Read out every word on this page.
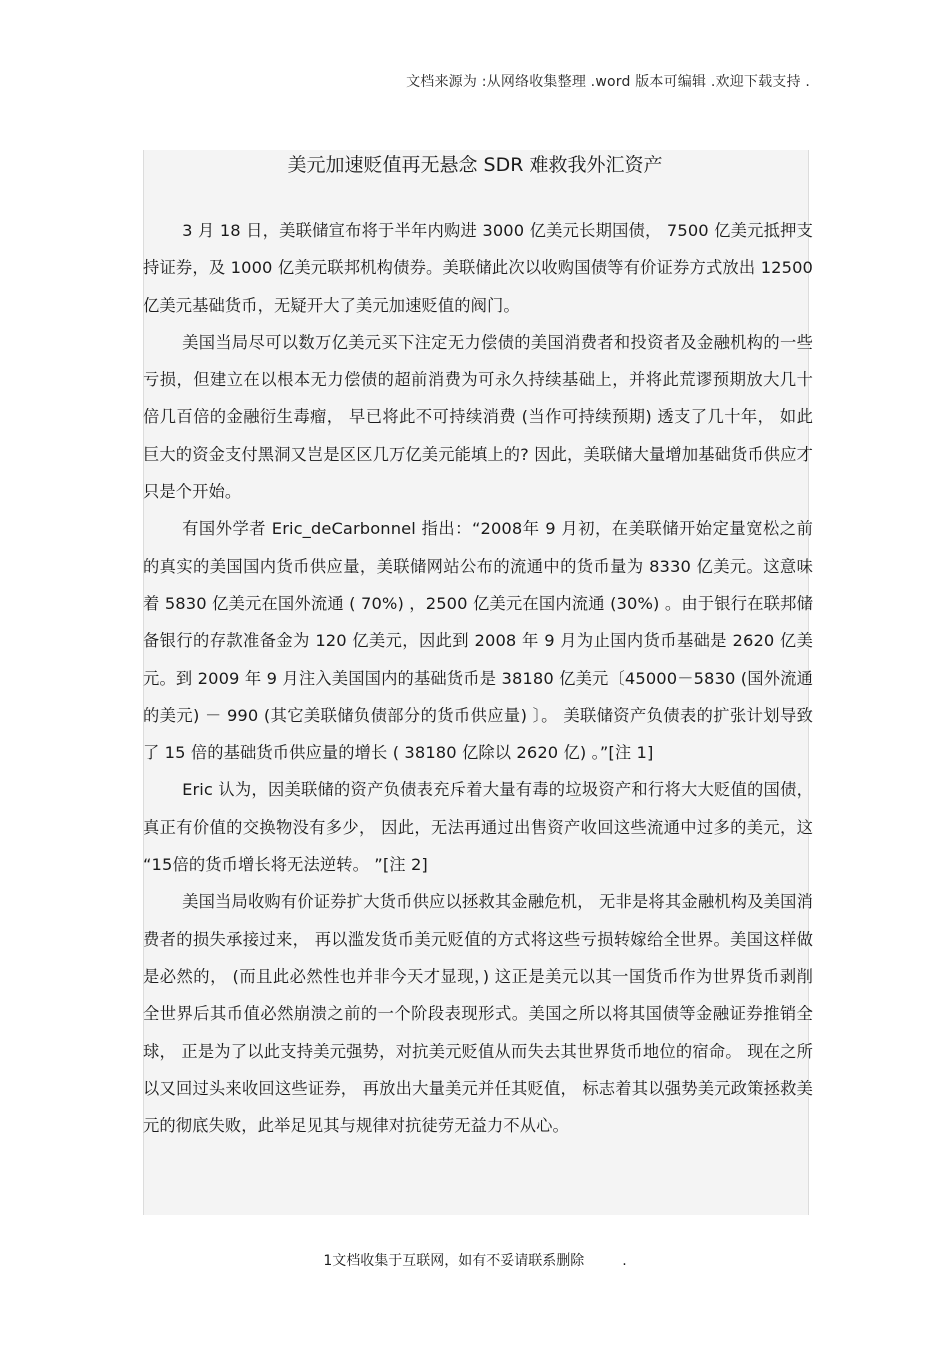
文档来源为 :从网络收集整理 .word 版本可编辑 .欢迎下载支持 .
美元加速贬值再无悬念 SDR 难救我外汇资产

3 月 18 日，美联储宣布将于半年内购进 3000 亿美元长期国债， 7500 亿美元抵押支持证券，及 1000 亿美元联邦机构债券。美联储此次以收购国债等有价证券方式放出 12500 亿美元基础货币，无疑开大了美元加速贬值的阀门。

美国当局尽可以数万亿美元买下注定无力偿债的美国消费者和投资者及金融机构的一些亏损，但建立在以根本无力偿债的超前消费为可永久持续基础上，并将此荒谬预期放大几十倍几百倍的金融衍生毒瘤， 早已将此不可持续消费 (当作可持续预期) 透支了几十年， 如此巨大的资金支付黑洞又岂是区区几万亿美元能填上的? 因此，美联储大量增加基础货币供应才只是个开始。

有国外学者 Eric_deCarbonnel 指出：“2008年 9 月初，在美联储开始定量宽松之前的真实的美国国内货币供应量，美联储网站公布的流通中的货币量为 8330 亿美元。这意味着 5830 亿美元在国外流通 ( 70%) ，2500 亿美元在国内流通 (30%) 。由于银行在联邦储备银行的存款准备金为 120 亿美元，因此到 2008 年 9 月为止国内货币基础是 2620 亿美元。到 2009 年 9 月注入美国国内的基础货币是 38180 亿美元〔45000－5830 (国外流通的美元) － 990 (其它美联储负债部分的货币供应量) 〕。 美联储资产负债表的扩张计划导致了 15 倍的基础货币供应量的增长 ( 38180 亿除以 2620 亿) 。”[注 1]

Eric 认为，因美联储的资产负债表充斥着大量有毒的垃圾资产和行将大大贬值的国债， 真正有价值的交换物没有多少， 因此，无法再通过出售资产收回这些流通中过多的美元，这 “15倍的货币增长将无法逆转。 ”[注 2]

美国当局收购有价证券扩大货币供应以拯救其金融危机， 无非是将其金融机构及美国消费者的损失承接过来， 再以滥发货币美元贬值的方式将这些亏损转嫁给全世界。美国这样做是必然的， (而且此必然性也并非今天才显现，) 这正是美元以其一国货币作为世界货币剥削全世界后其币值必然崩溃之前的一个阶段表现形式。美国之所以将其国债等金融证券推销全球， 正是为了以此支持美元强势，对抗美元贬值从而失去其世界货币地位的宿命。 现在之所以又回过头来收回这些证券， 再放出大量美元并任其贬值， 标志着其以强势美元政策拯救美元的彻底失败，此举足见其与规律对抗徒劳无益力不从心。

1文档收集于互联网，如有不妥请联系删除	.
